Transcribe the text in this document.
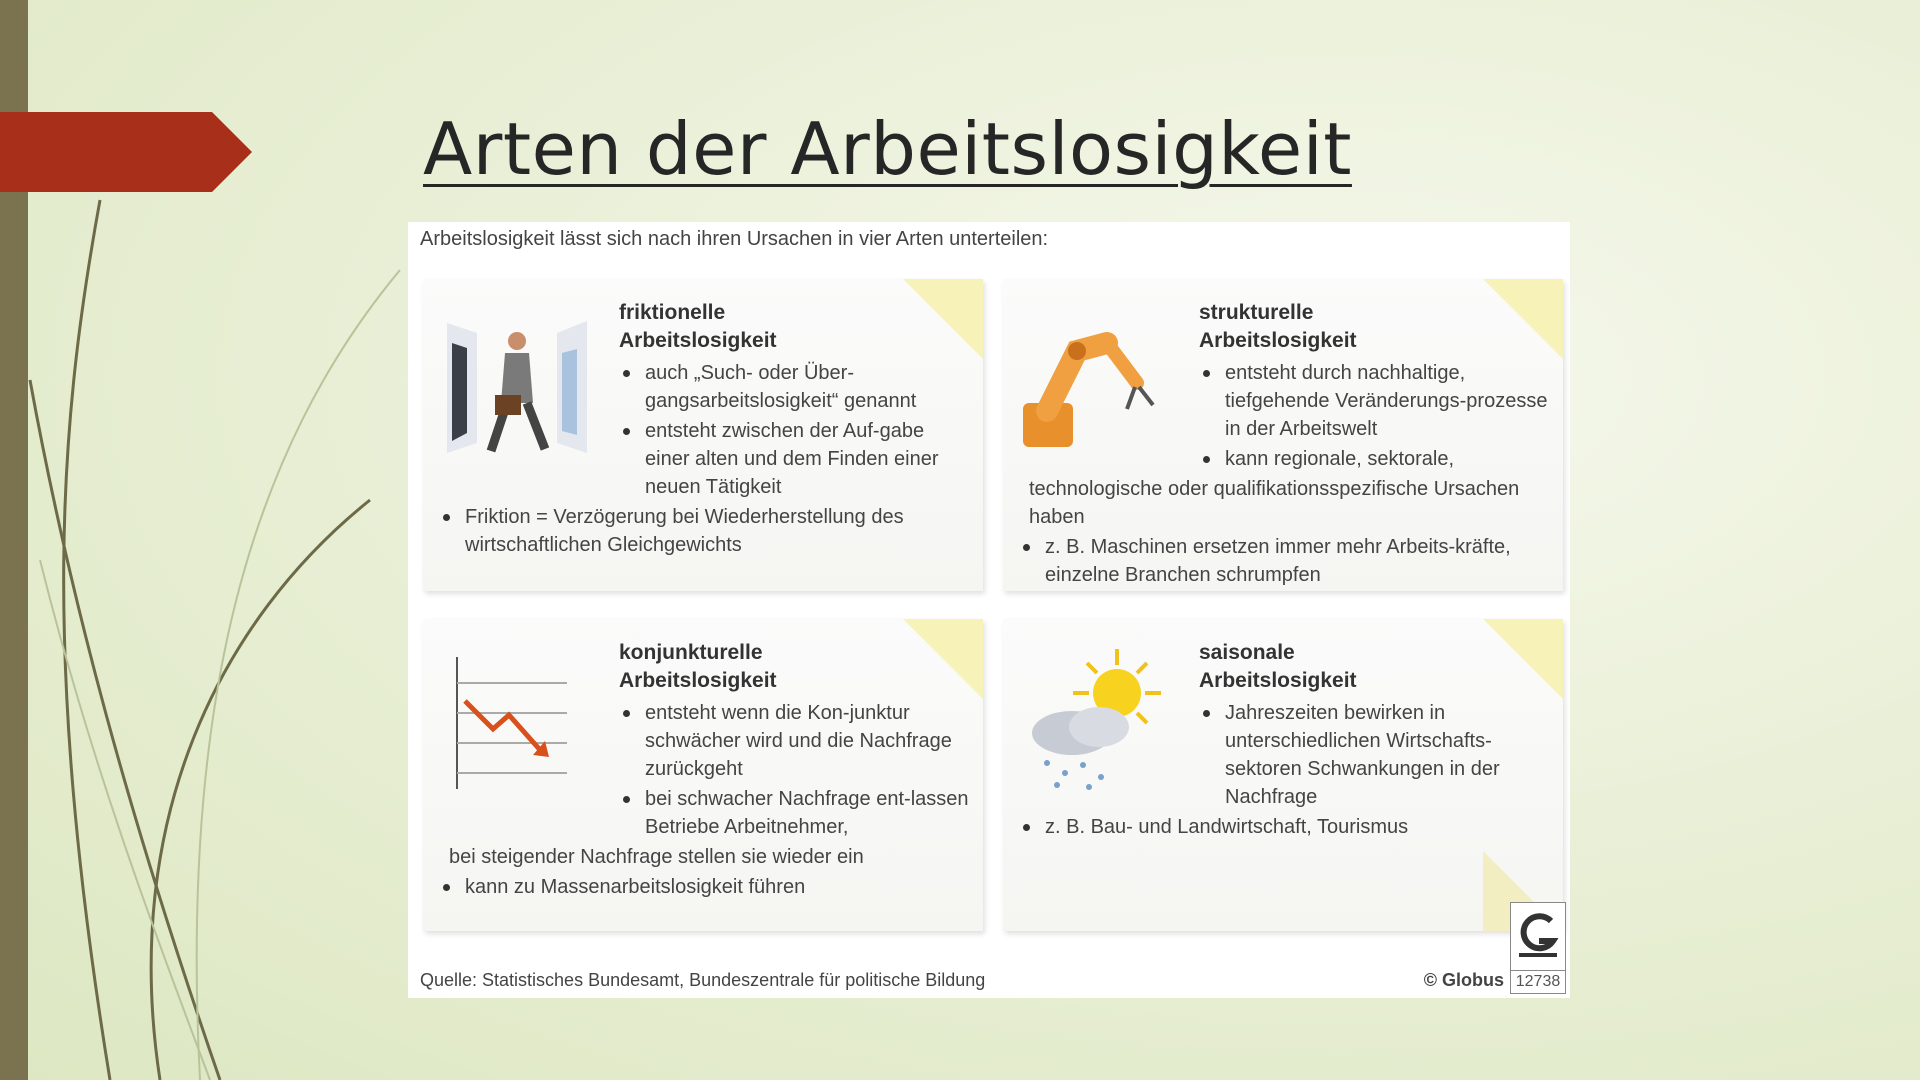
Arten der Arbeitslosigkeit
Arbeitslosigkeit lässt sich nach ihren Ursachen in vier Arten unterteilen:
friktionelle
Arbeitslosigkeit
auch „Such- oder Über-gangsarbeitslosigkeit“ genannt
entsteht zwischen der Auf-gabe einer alten und dem Finden einer neuen Tätigkeit
Friktion = Verzögerung bei Wiederherstellung des wirtschaftlichen Gleichgewichts
strukturelle
Arbeitslosigkeit
entsteht durch nachhaltige, tiefgehende Veränderungs-prozesse in der Arbeitswelt
kann regionale, sektorale,
technologische oder qualifikationsspezifische Ursachen haben
z. B. Maschinen ersetzen immer mehr Arbeits-kräfte, einzelne Branchen schrumpfen
konjunkturelle
Arbeitslosigkeit
entsteht wenn die Kon-junktur schwächer wird und die Nachfrage zurückgeht
bei schwacher Nachfrage ent-lassen Betriebe Arbeitnehmer,
bei steigender Nachfrage stellen sie wieder ein
kann zu Massenarbeitslosigkeit führen
saisonale
Arbeitslosigkeit
Jahreszeiten bewirken in unterschiedlichen Wirtschafts-sektoren Schwankungen in der Nachfrage
z. B. Bau- und Landwirtschaft, Tourismus
Quelle: Statistisches Bundesamt, Bundeszentrale für politische Bildung	© Globus 12738
